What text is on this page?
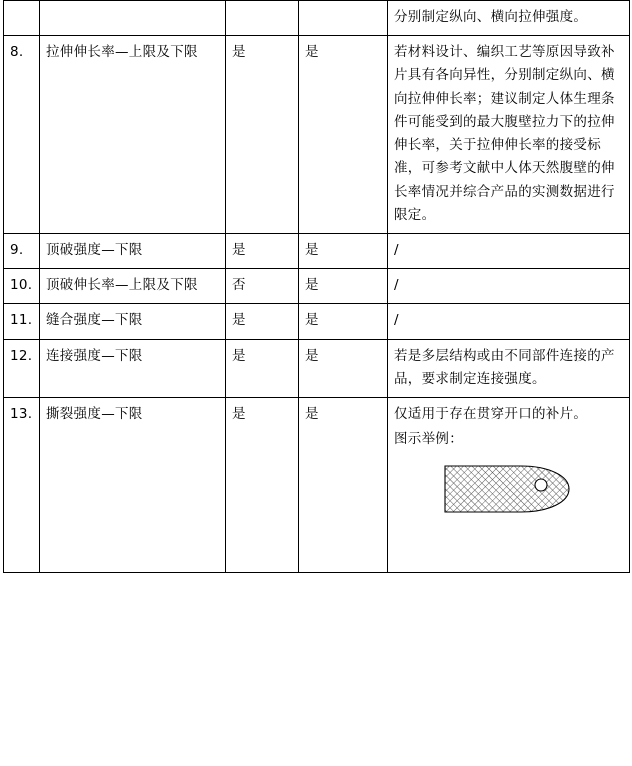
				分别制定纵向、横向拉伸强度。
8.	拉伸伸长率—上限及下限	是	是	若材料设计、编织工艺等原因导致补片具有各向异性，分别制定纵向、横向拉伸伸长率；建议制定人体生理条件可能受到的最大腹壁拉力下的拉伸伸长率，关于拉伸伸长率的接受标准，可参考文献中人体天然腹壁的伸长率情况并综合产品的实测数据进行限定。
9.	顶破强度—下限	是	是	/
10.	顶破伸长率—上限及下限	否	是	/
11.	缝合强度—下限	是	是	/
12.	连接强度—下限	是	是	若是多层结构或由不同部件连接的产品，要求制定连接强度。
13.	撕裂强度—下限	是	是	仅适用于存在贯穿开口的补片。
图示举例：
